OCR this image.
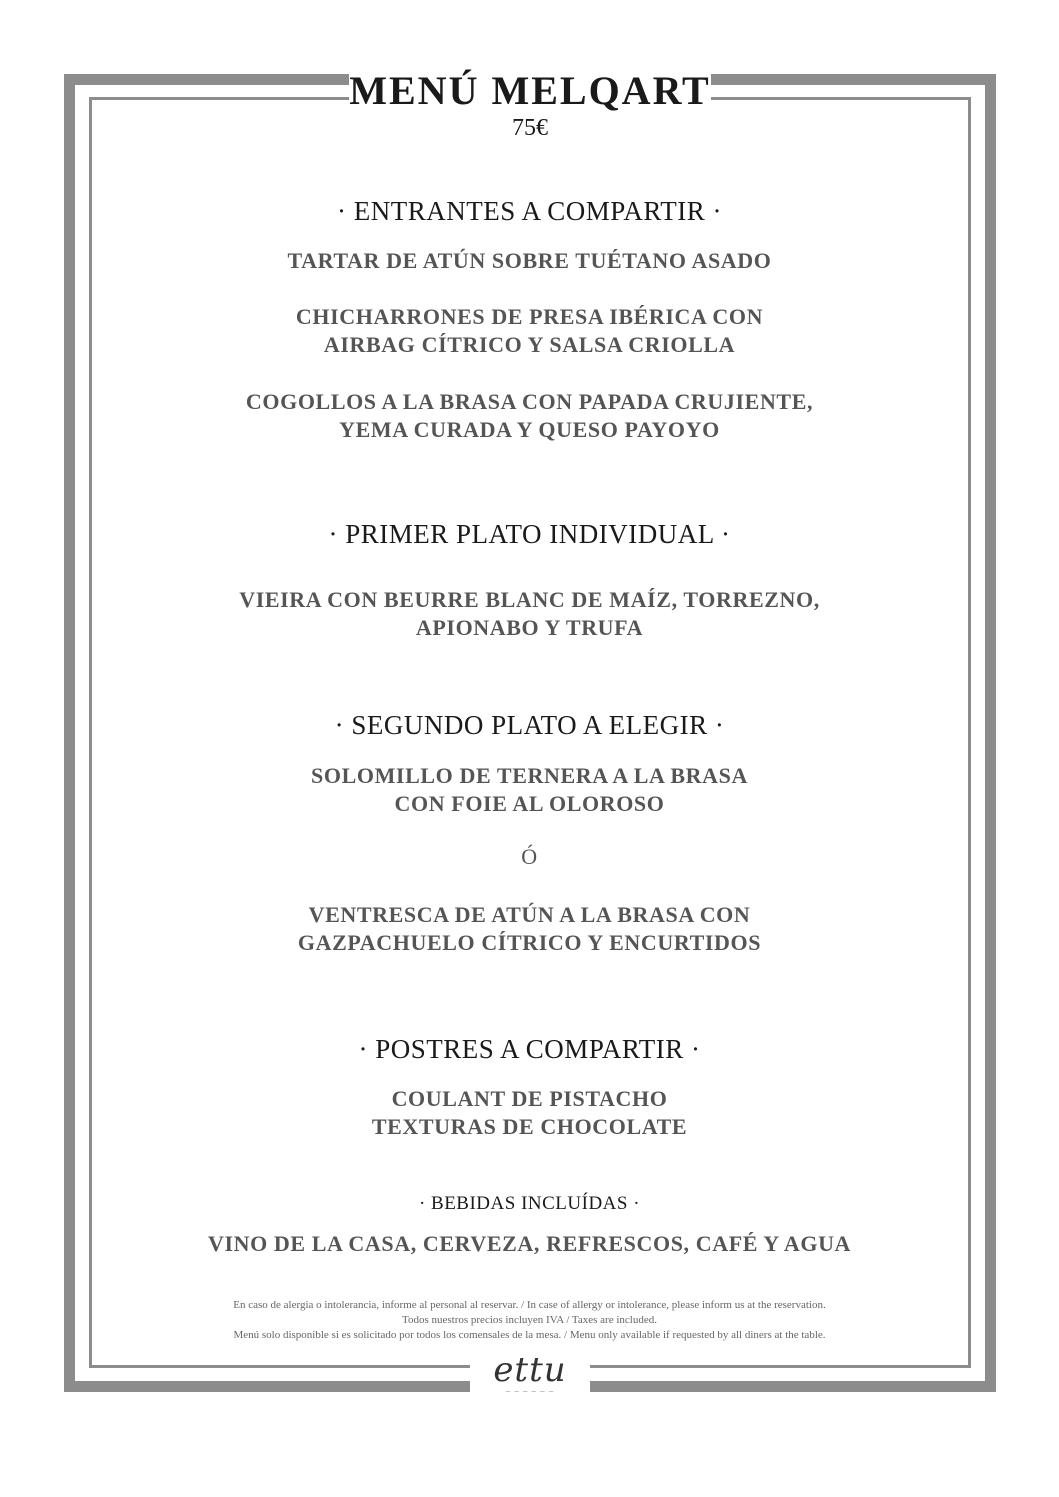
MENÚ MELQART
75€
· ENTRANTES A COMPARTIR ·
TARTAR DE ATÚN SOBRE TUÉTANO ASADO
CHICHARRONES DE PRESA IBÉRICA CON
AIRBAG CÍTRICO Y SALSA CRIOLLA
COGOLLOS A LA BRASA CON PAPADA CRUJIENTE,
YEMA CURADA Y QUESO PAYOYO
· PRIMER PLATO INDIVIDUAL ·
VIEIRA CON BEURRE BLANC DE MAÍZ, TORREZNO,
APIONABO Y TRUFA
· SEGUNDO PLATO A ELEGIR ·
SOLOMILLO DE TERNERA A LA BRASA
CON FOIE AL OLOROSO
Ó
VENTRESCA DE ATÚN A LA BRASA CON
GAZPACHUELO CÍTRICO Y ENCURTIDOS
· POSTRES A COMPARTIR ·
COULANT DE PISTACHO
TEXTURAS DE CHOCOLATE
· BEBIDAS INCLUÍDAS ·
VINO DE LA CASA, CERVEZA, REFRESCOS, CAFÉ Y AGUA
En caso de alergia o intolerancia, informe al personal al reservar. / In case of allergy or intolerance, please inform us at the reservation.
Todos nuestros precios incluyen IVA / Taxes are included.
Menú solo disponible si es solicitado por todos los comensales de la mesa. / Menu only available if requested by all diners at the table.
ettu
— — — — — —
